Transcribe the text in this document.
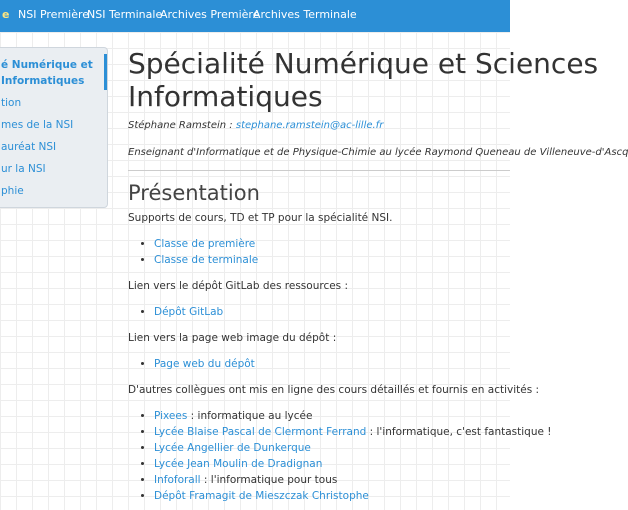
e NSI Première
NSI Terminale
Archives Première
Archives Terminale
é Numérique et
Informatiques
tion
mes de la NSI
auréat NSI
ur la NSI
phie
Spécialité Numérique et Sciences
Informatiques
Stéphane Ramstein : stephane.ramstein@ac-lille.fr
Enseignant d'Informatique et de Physique-Chimie au lycée Raymond Queneau de Villeneuve-d'Ascq
Présentation
Supports de cours, TD et TP pour la spécialité NSI.
• Classe de première
• Classe de terminale
Lien vers le dépôt GitLab des ressources :
• Dépôt GitLab
Lien vers la page web image du dépôt :
• Page web du dépôt
D'autres collègues ont mis en ligne des cours détaillés et fournis en activités :
• Pixees : informatique au lycée
• Lycée Blaise Pascal de Clermont Ferrand : l'informatique, c'est fantastique !
• Lycée Angellier de Dunkerque
• Lycée Jean Moulin de Dradignan
• Infoforall : l'informatique pour tous
• Dépôt Framagit de Mieszczak Christophe
